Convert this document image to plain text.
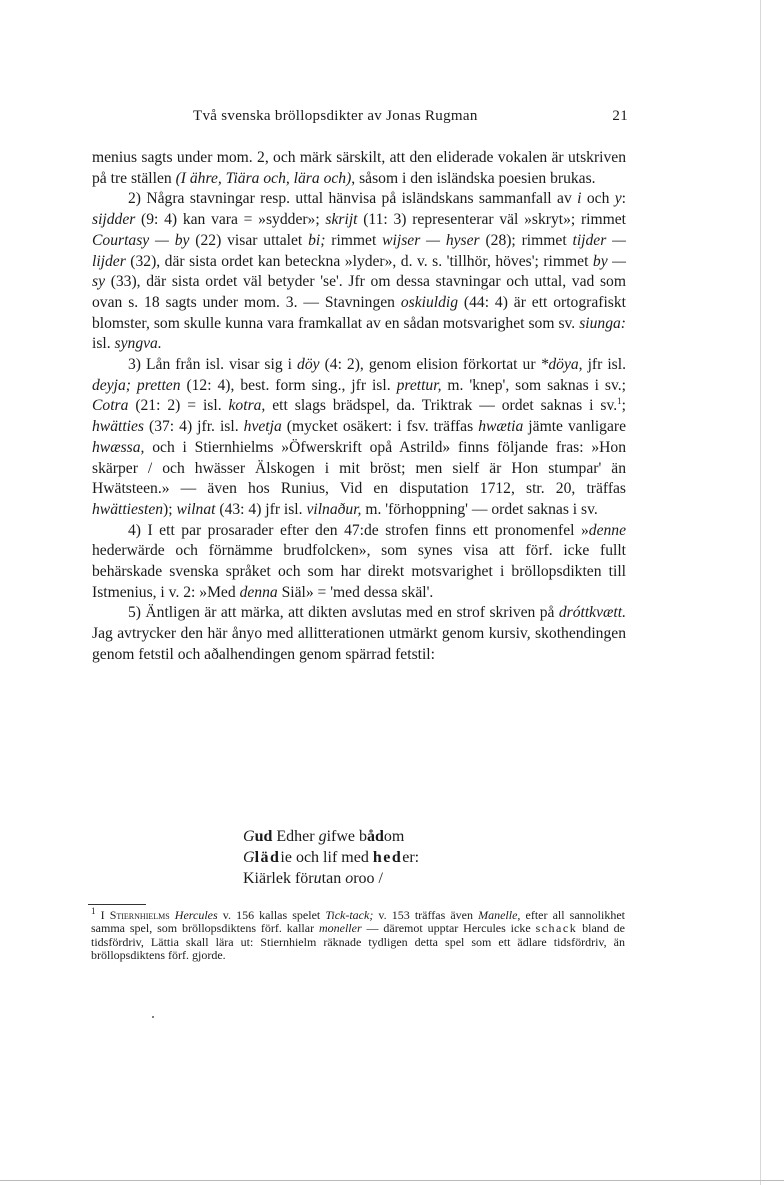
Två svenska bröllopsdikter av Jonas Rugman	21

menius sagts under mom. 2, och märk särskilt, att den eliderade vokalen är utskriven på tre ställen (I ähre, Tiära och, lära och), såsom i den isländska poesien brukas.

2) Några stavningar resp. uttal hänvisa på isländskans sammanfall av i och y: sijdder (9: 4) kan vara = »sydder»; skrijt (11: 3) representerar väl »skryt»; rimmet Courtasy — by (22) visar uttalet bi; rimmet wijser — hyser (28); rimmet tijder — lijder (32), där sista ordet kan beteckna »lyder», d. v. s. 'tillhör, höves'; rimmet by — sy (33), där sista ordet väl betyder 'se'. Jfr om dessa stavningar och uttal, vad som ovan s. 18 sagts under mom. 3. — Stavningen oskiuldig (44: 4) är ett ortografiskt blomster, som skulle kunna vara framkallat av en sådan motsvarighet som sv. siunga: isl. syngva.

3) Lån från isl. visar sig i döy (4: 2), genom elision förkortat ur *döya, jfr isl. deyja; pretten (12: 4), best. form sing., jfr isl. prettur, m. 'knep', som saknas i sv.; Cotra (21: 2) = isl. kotra, ett slags brädspel, da. Triktrak — ordet saknas i sv.$^1$; hwätties (37: 4) jfr. isl. hvetja (mycket osäkert: i fsv. träffas hwætia jämte vanligare hwæssa, och i Stiernhielms »Öfwerskrift opå Astrild» finns följande fras: »Hon skärper / och hwässer Älskogen i mit bröst; men sielf är Hon stumpar' än Hwätsteen.» — även hos Runius, Vid en disputation 1712, str. 20, träffas hwättiesten); wilnat (43: 4) jfr isl. vilnaður, m. 'förhoppning' — ordet saknas i sv.

4) I ett par prosarader efter den 47:de strofen finns ett pronomenfel »denne hederwärde och förnämme brudfolcken», som synes visa att förf. icke fullt behärskade svenska språket och som har direkt motsvarighet i bröllopsdikten till Istmenius, i v. 2: »Med denna Siäl» = 'med dessa skäl'.

5) Äntligen är att märka, att dikten avslutas med en strof skriven på dróttkvætt. Jag avtrycker den här ånyo med allitterationen utmärkt genom kursiv, skothendingen genom fetstil och aðalhendingen genom spärrad fetstil:

Gud Edher gifwe bådom
Glädie och lif med heder:
Kiärlek förutan oroo /
$^1$ I Stiernhielms Hercules v. 156 kallas spelet Tick-tack; v. 153 träffas även Manelle, efter all sannolikhet samma spel, som bröllopsdiktens förf. kallar moneller — däremot upptar Hercules icke schack bland de tidsfördriv, Lättia skall lära ut: Stiernhielm räknade tydligen detta spel som ett ädlare tidsfördriv, än bröllopsdiktens förf. gjorde.
